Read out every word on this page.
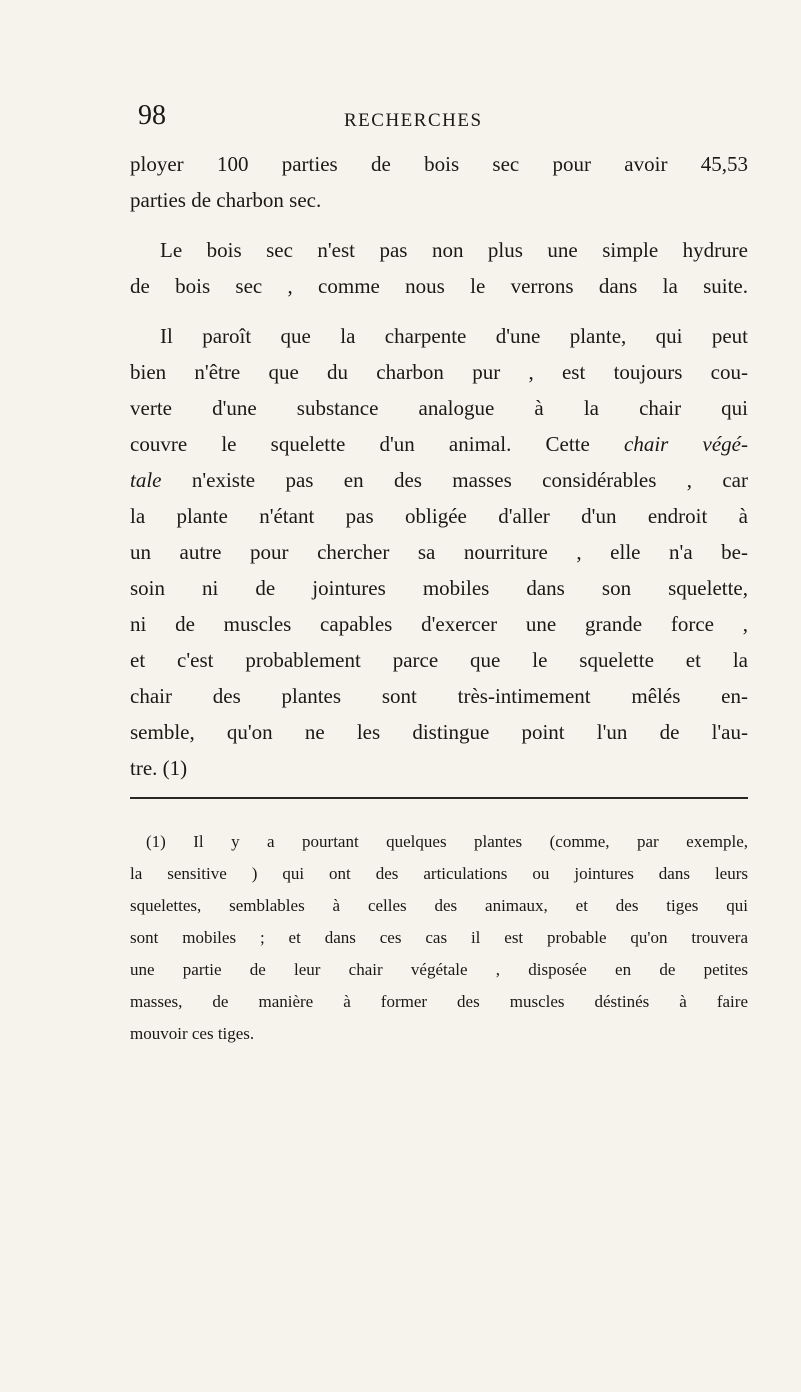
98	RECHERCHES
ployer 100 parties de bois sec pour avoir 45,53
parties de charbon sec.
Le bois sec n'est pas non plus une simple hydrure
de bois sec , comme nous le verrons dans la suite.
Il paroît que la charpente d'une plante, qui peut
bien n'être que du charbon pur , est toujours cou-
verte d'une substance analogue à la chair qui
couvre le squelette d'un animal. Cette chair végé-
tale n'existe pas en des masses considérables , car
la plante n'étant pas obligée d'aller d'un endroit à
un autre pour chercher sa nourriture , elle n'a be-
soin ni de jointures mobiles dans son squelette,
ni de muscles capables d'exercer une grande force ,
et c'est probablement parce que le squelette et la
chair des plantes sont très-intimement mêlés en-
semble, qu'on ne les distingue point l'un de l'au-
tre. (1)
(1) Il y a pourtant quelques plantes (comme, par exemple,
la sensitive ) qui ont des articulations ou jointures dans leurs
squelettes, semblables à celles des animaux, et des tiges qui
sont mobiles ; et dans ces cas il est probable qu'on trouvera
une partie de leur chair végétale , disposée en de petites
masses, de manière à former des muscles déstinés à faire
mouvoir ces tiges.
